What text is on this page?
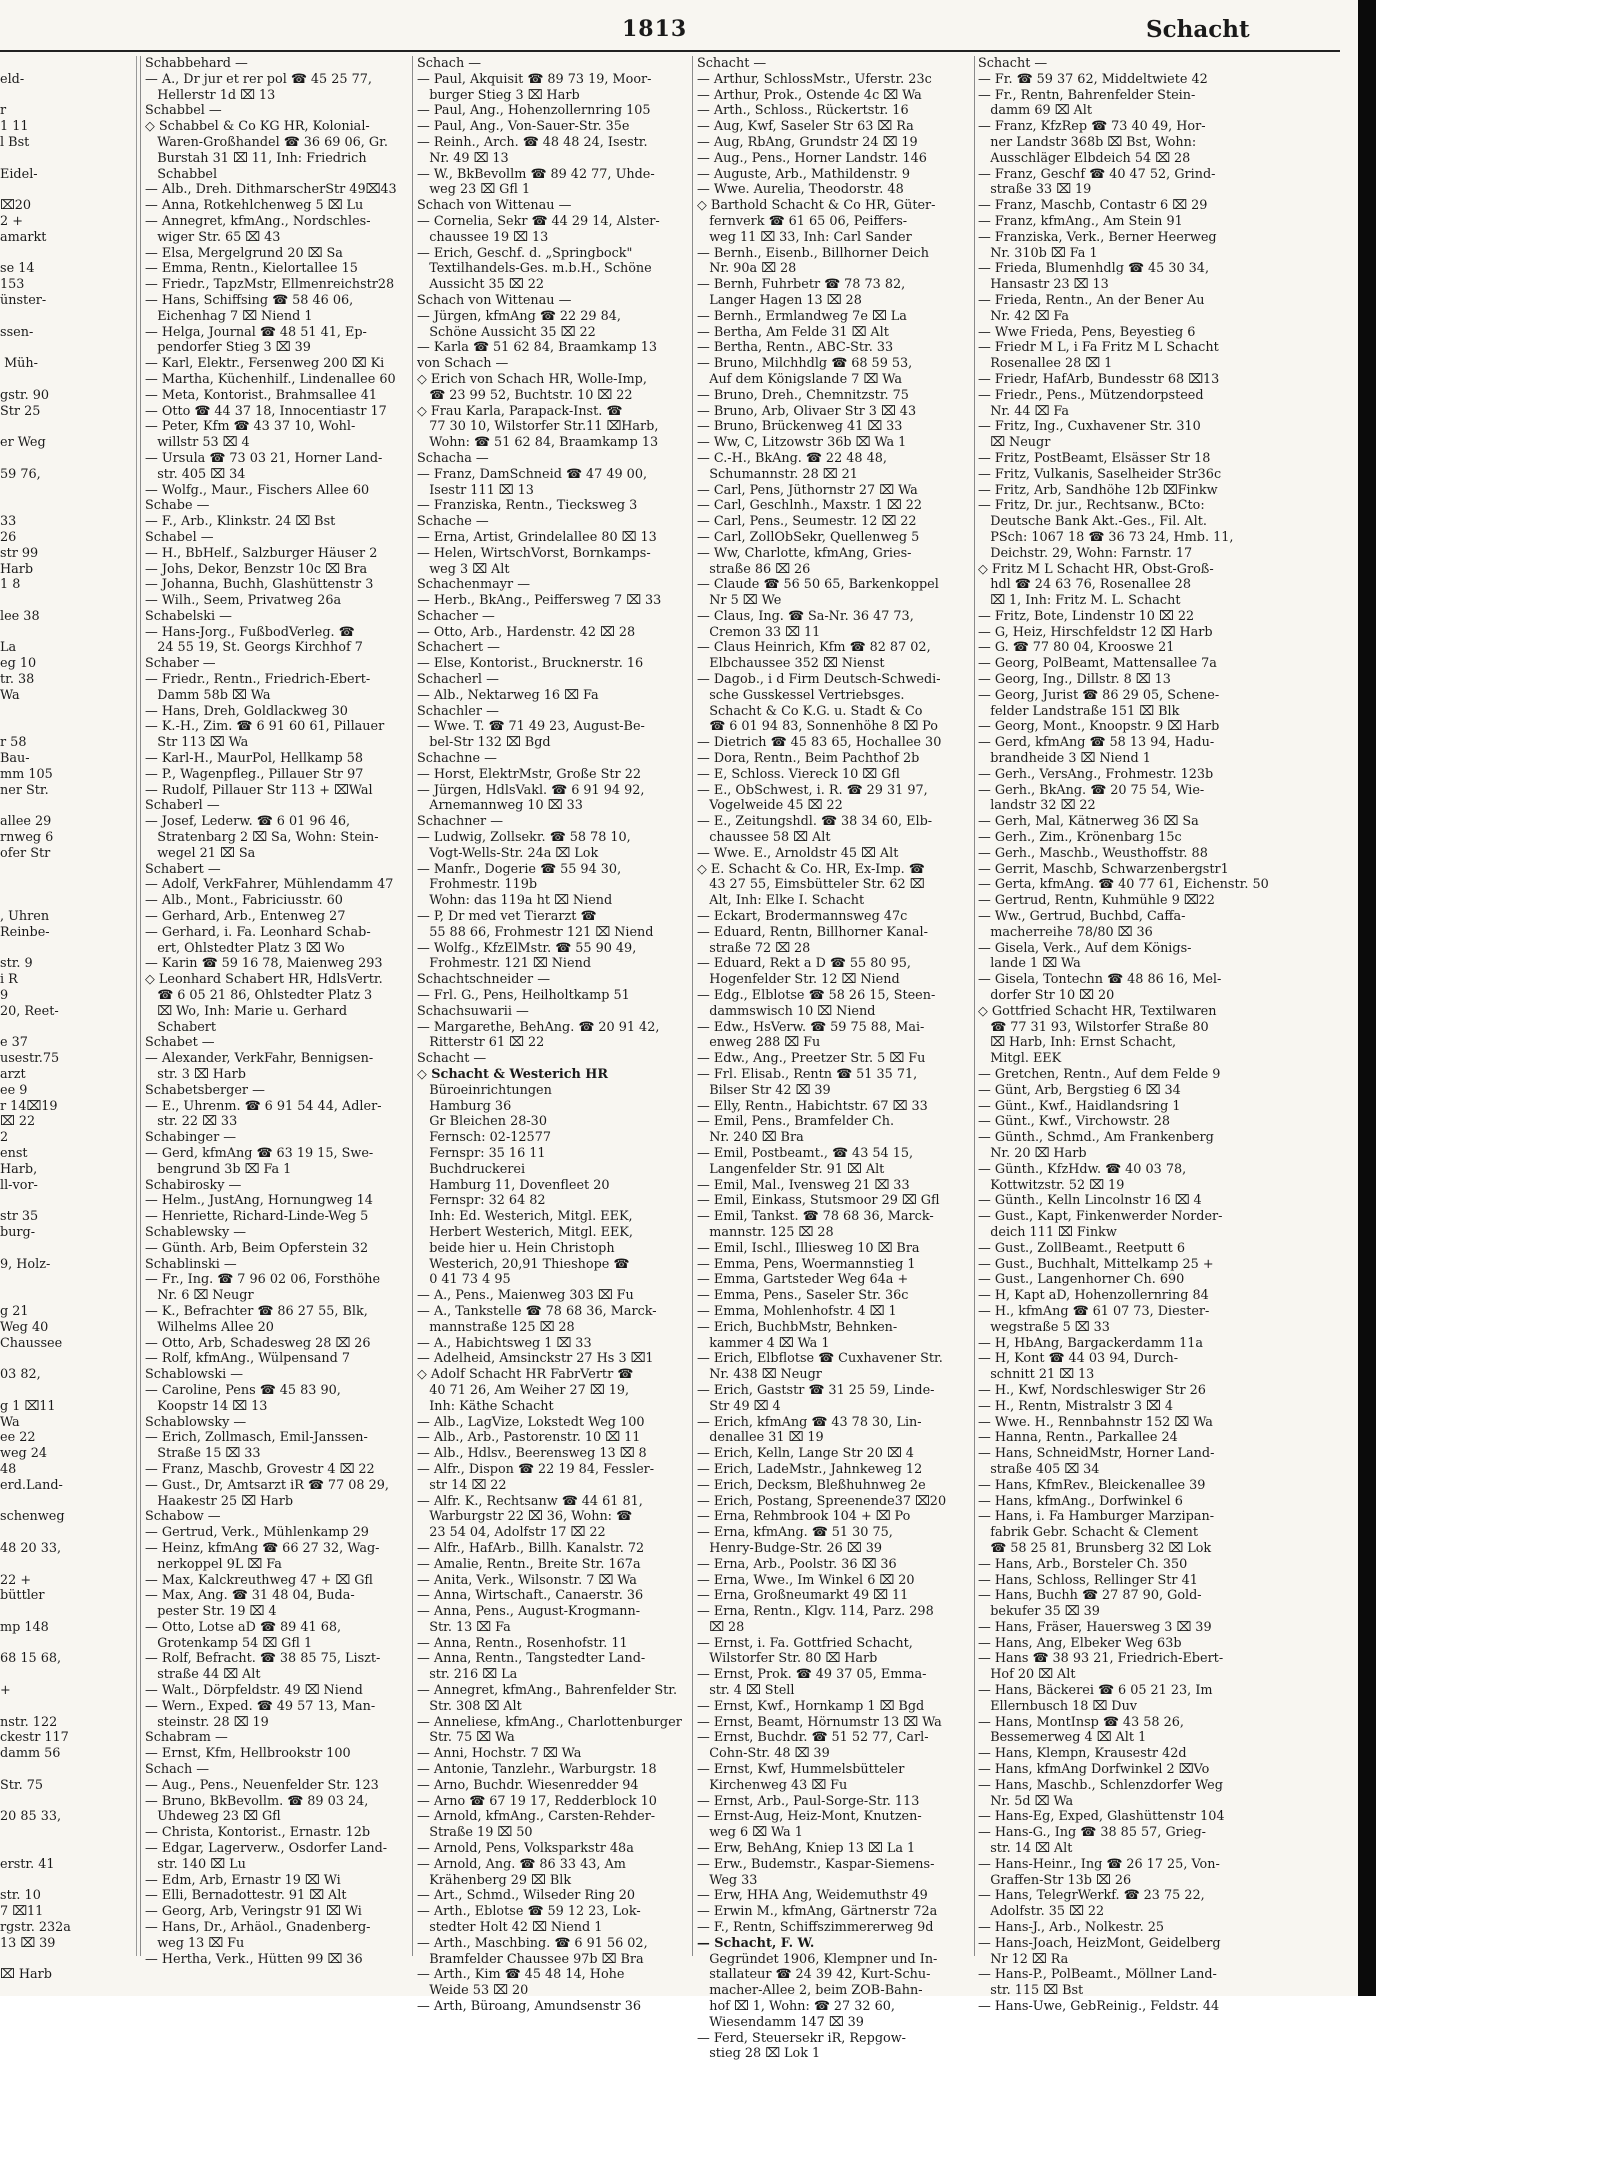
1813	Schacht
eld-
r
1 11
l Bst
Eidel-
⌧20
2 +
amarkt
se 14
153
ünster-
ssen-
Müh-
gstr. 90
Str 25
er Weg
59 76,
33
26
str 99
Harb
1 8
lee 38
La
eg 10
tr. 38
Wa
r 58
Bau-
mm 105
ner Str.
allee 29
rnweg 6
ofer Str
, Uhren
Reinbe-
str. 9
i R
9
20, Reet-
e 37
usestr.75
arzt
ee 9
r 14⌧19
⌧ 22
2
enst
Harb,
ll-vor-
str 35
burg-
9, Holz-
g 21
Weg 40
Chaussee
03 82,
g 1 ⌧11
Wa
ee 22
weg 24
48
erd.Land-
schenweg
48 20 33,
22 +
büttler
mp 148
68 15 68,
+
nstr. 122
ckestr 117
damm 56
Str. 75
20 85 33,
erstr. 41
str. 10
7 ⌧11
rgstr. 232a
13 ⌧ 39
⌧ Harb
Schabbehard —
— A., Dr jur et rer pol ☎ 45 25 77,
Hellerstr 1d ⌧ 13
Schabbel —
◇ Schabbel & Co KG HR, Kolonial-
Waren-Großhandel ☎ 36 69 06, Gr.
Burstah 31 ⌧ 11, Inh: Friedrich
Schabbel
— Alb., Dreh. DithmarscherStr 49⌧43
— Anna, Rotkehlchenweg 5 ⌧ Lu
— Annegret, kfmAng., Nordschles-
wiger Str. 65 ⌧ 43
— Elsa, Mergelgrund 20 ⌧ Sa
— Emma, Rentn., Kielortallee 15
— Friedr., TapzMstr, Ellmenreichstr28
— Hans, Schiffsing ☎ 58 46 06,
Eichenhag 7 ⌧ Niend 1
— Helga, Journal ☎ 48 51 41, Ep-
pendorfer Stieg 3 ⌧ 39
— Karl, Elektr., Fersenweg 200 ⌧ Ki
— Martha, Küchenhilf., Lindenallee 60
— Meta, Kontorist., Brahmsallee 41
— Otto ☎ 44 37 18, Innocentiastr 17
— Peter, Kfm ☎ 43 37 10, Wohl-
willstr 53 ⌧ 4
— Ursula ☎ 73 03 21, Horner Land-
str. 405 ⌧ 34
— Wolfg., Maur., Fischers Allee 60
Schabe —
— F., Arb., Klinkstr. 24 ⌧ Bst
Schabel —
— H., BbHelf., Salzburger Häuser 2
— Johs, Dekor, Benzstr 10c ⌧ Bra
— Johanna, Buchh, Glashüttenstr 3
— Wilh., Seem, Privatweg 26a
Schabelski —
— Hans-Jorg., FußbodVerleg. ☎
24 55 19, St. Georgs Kirchhof 7
Schaber —
— Friedr., Rentn., Friedrich-Ebert-
Damm 58b ⌧ Wa
— Hans, Dreh, Goldlackweg 30
— K.-H., Zim. ☎ 6 91 60 61, Pillauer
Str 113 ⌧ Wa
— Karl-H., MaurPol, Hellkamp 58
— P., Wagenpfleg., Pillauer Str 97
— Rudolf, Pillauer Str 113 + ⌧Wal
Schaberl —
— Josef, Lederw. ☎ 6 01 96 46,
Stratenbarg 2 ⌧ Sa, Wohn: Stein-
wegel 21 ⌧ Sa
Schabert —
— Adolf, VerkFahrer, Mühlendamm 47
— Alb., Mont., Fabriciusstr. 60
— Gerhard, Arb., Entenweg 27
— Gerhard, i. Fa. Leonhard Schab-
ert, Ohlstedter Platz 3 ⌧ Wo
— Karin ☎ 59 16 78, Maienweg 293
◇ Leonhard Schabert HR, HdlsVertr.
☎ 6 05 21 86, Ohlstedter Platz 3
⌧ Wo, Inh: Marie u. Gerhard
Schabert
Schabet —
— Alexander, VerkFahr, Bennigsen-
str. 3 ⌧ Harb
Schabetsberger —
— E., Uhrenm. ☎ 6 91 54 44, Adler-
str. 22 ⌧ 33
Schabinger —
— Gerd, kfmAng ☎ 63 19 15, Swe-
bengrund 3b ⌧ Fa 1
Schabirosky —
— Helm., JustAng, Hornungweg 14
— Henriette, Richard-Linde-Weg 5
Schablewsky —
— Günth. Arb, Beim Opferstein 32
Schablinski —
— Fr., Ing. ☎ 7 96 02 06, Forsthöhe
Nr. 6 ⌧ Neugr
— K., Befrachter ☎ 86 27 55, Blk,
Wilhelms Allee 20
— Otto, Arb, Schadesweg 28 ⌧ 26
— Rolf, kfmAng., Wülpensand 7
Schablowski —
— Caroline, Pens ☎ 45 83 90,
Koopstr 14 ⌧ 13
Schablowsky —
— Erich, Zollmasch, Emil-Janssen-
Straße 15 ⌧ 33
— Franz, Maschb, Grovestr 4 ⌧ 22
— Gust., Dr, Amtsarzt iR ☎ 77 08 29,
Haakestr 25 ⌧ Harb
Schabow —
— Gertrud, Verk., Mühlenkamp 29
— Heinz, kfmAng ☎ 66 27 32, Wag-
nerkoppel 9L ⌧ Fa
— Max, Kalckreuthweg 47 + ⌧ Gfl
— Max, Ang. ☎ 31 48 04, Buda-
pester Str. 19 ⌧ 4
— Otto, Lotse aD ☎ 89 41 68,
Grotenkamp 54 ⌧ Gfl 1
— Rolf, Befracht. ☎ 38 85 75, Liszt-
straße 44 ⌧ Alt
— Walt., Dörpfeldstr. 49 ⌧ Niend
— Wern., Exped. ☎ 49 57 13, Man-
steinstr. 28 ⌧ 19
Schabram —
— Ernst, Kfm, Hellbrookstr 100
Schach —
— Aug., Pens., Neuenfelder Str. 123
— Bruno, BkBevollm. ☎ 89 03 24,
Uhdeweg 23 ⌧ Gfl
— Christa, Kontorist., Ernastr. 12b
— Edgar, Lagerverw., Osdorfer Land-
str. 140 ⌧ Lu
— Edm, Arb, Ernastr 19 ⌧ Wi
— Elli, Bernadottestr. 91 ⌧ Alt
— Georg, Arb, Veringstr 91 ⌧ Wi
— Hans, Dr., Arhäol., Gnadenberg-
weg 13 ⌧ Fu
— Hertha, Verk., Hütten 99 ⌧ 36
Schach —
— Paul, Akquisit ☎ 89 73 19, Moor-
burger Stieg 3 ⌧ Harb
— Paul, Ang., Hohenzollernring 105
— Paul, Ang., Von-Sauer-Str. 35e
— Reinh., Arch. ☎ 48 48 24, Isestr.
Nr. 49 ⌧ 13
— W., BkBevollm ☎ 89 42 77, Uhde-
weg 23 ⌧ Gfl 1
Schach von Wittenau —
— Cornelia, Sekr ☎ 44 29 14, Alster-
chaussee 19 ⌧ 13
— Erich, Geschf. d. „Springbock"
Textilhandels-Ges. m.b.H., Schöne
Aussicht 35 ⌧ 22
Schach von Wittenau —
— Jürgen, kfmAng ☎ 22 29 84,
Schöne Aussicht 35 ⌧ 22
— Karla ☎ 51 62 84, Braamkamp 13
von Schach —
◇ Erich von Schach HR, Wolle-Imp,
☎ 23 99 52, Buchtstr. 10 ⌧ 22
◇ Frau Karla, Parapack-Inst. ☎
77 30 10, Wilstorfer Str.11 ⌧Harb,
Wohn: ☎ 51 62 84, Braamkamp 13
Schacha —
— Franz, DamSchneid ☎ 47 49 00,
Isestr 111 ⌧ 13
— Franziska, Rentn., Tiecksweg 3
Schache —
— Erna, Artist, Grindelallee 80 ⌧ 13
— Helen, WirtschVorst, Bornkamps-
weg 3 ⌧ Alt
Schachenmayr —
— Herb., BkAng., Peiffersweg 7 ⌧ 33
Schacher —
— Otto, Arb., Hardenstr. 42 ⌧ 28
Schachert —
— Else, Kontorist., Brucknerstr. 16
Schacherl —
— Alb., Nektarweg 16 ⌧ Fa
Schachler —
— Wwe. T. ☎ 71 49 23, August-Be-
bel-Str 132 ⌧ Bgd
Schachne —
— Horst, ElektrMstr, Große Str 22
— Jürgen, HdlsVakl. ☎ 6 91 94 92,
Arnemannweg 10 ⌧ 33
Schachner —
— Ludwig, Zollsekr. ☎ 58 78 10,
Vogt-Wells-Str. 24a ⌧ Lok
— Manfr., Dogerie ☎ 55 94 30,
Frohmestr. 119b
Wohn: das 119a ht ⌧ Niend
— P, Dr med vet Tierarzt ☎
55 88 66, Frohmestr 121 ⌧ Niend
— Wolfg., KfzElMstr. ☎ 55 90 49,
Frohmestr. 121 ⌧ Niend
Schachtschneider —
— Frl. G., Pens, Heilholtkamp 51
Schachsuwarii —
— Margarethe, BehAng. ☎ 20 91 42,
Ritterstr 61 ⌧ 22
Schacht —
◇ Schacht & Westerich HR
Büroeinrichtungen
Hamburg 36
Gr Bleichen 28-30
Fernsch: 02-12577
Fernspr: 35 16 11
Buchdruckerei
Hamburg 11, Dovenfleet 20
Fernspr: 32 64 82
Inh: Ed. Westerich, Mitgl. EEK,
Herbert Westerich, Mitgl. EEK,
beide hier u. Hein Christoph
Westerich, 20,91 Thieshope ☎
0 41 73 4 95
— A., Pens., Maienweg 303 ⌧ Fu
— A., Tankstelle ☎ 78 68 36, Marck-
mannstraße 125 ⌧ 28
— A., Habichtsweg 1 ⌧ 33
— Adelheid, Amsinckstr 27 Hs 3 ⌧1
◇ Adolf Schacht HR FabrVertr ☎
40 71 26, Am Weiher 27 ⌧ 19,
Inh: Käthe Schacht
— Alb., LagVize, Lokstedt Weg 100
— Alb., Arb., Pastorenstr. 10 ⌧ 11
— Alb., Hdlsv., Beerensweg 13 ⌧ 8
— Alfr., Dispon ☎ 22 19 84, Fessler-
str 14 ⌧ 22
— Alfr. K., Rechtsanw ☎ 44 61 81,
Warburgstr 22 ⌧ 36, Wohn: ☎
23 54 04, Adolfstr 17 ⌧ 22
— Alfr., HafArb., Billh. Kanalstr. 72
— Amalie, Rentn., Breite Str. 167a
— Anita, Verk., Wilsonstr. 7 ⌧ Wa
— Anna, Wirtschaft., Canaerstr. 36
— Anna, Pens., August-Krogmann-
Str. 13 ⌧ Fa
— Anna, Rentn., Rosenhofstr. 11
— Anna, Rentn., Tangstedter Land-
str. 216 ⌧ La
— Annegret, kfmAng., Bahrenfelder Str.
Str. 308 ⌧ Alt
— Anneliese, kfmAng., Charlottenburger
Str. 75 ⌧ Wa
— Anni, Hochstr. 7 ⌧ Wa
— Antonie, Tanzlehr., Warburgstr. 18
— Arno, Buchdr. Wiesenredder 94
— Arno ☎ 67 19 17, Redderblock 10
— Arnold, kfmAng., Carsten-Rehder-
Straße 19 ⌧ 50
— Arnold, Pens, Volksparkstr 48a
— Arnold, Ang. ☎ 86 33 43, Am
Krähenberg 29 ⌧ Blk
— Art., Schmd., Wilseder Ring 20
— Arth., Eblotse ☎ 59 12 23, Lok-
stedter Holt 42 ⌧ Niend 1
— Arth., Maschbing. ☎ 6 91 56 02,
Bramfelder Chaussee 97b ⌧ Bra
— Arth., Kim ☎ 45 48 14, Hohe
Weide 53 ⌧ 20
— Arth, Büroang, Amundsenstr 36
Schacht —
— Arthur, SchlossMstr., Uferstr. 23c
— Arthur, Prok., Ostende 4c ⌧ Wa
— Arth., Schloss., Rückertstr. 16
— Aug, Kwf, Saseler Str 63 ⌧ Ra
— Aug, RbAng, Grundstr 24 ⌧ 19
— Aug., Pens., Horner Landstr. 146
— Auguste, Arb., Mathildenstr. 9
— Wwe. Aurelia, Theodorstr. 48
◇ Barthold Schacht & Co HR, Güter-
fernverk ☎ 61 65 06, Peiffers-
weg 11 ⌧ 33, Inh: Carl Sander
— Bernh., Eisenb., Billhorner Deich
Nr. 90a ⌧ 28
— Bernh, Fuhrbetr ☎ 78 73 82,
Langer Hagen 13 ⌧ 28
— Bernh., Ermlandweg 7e ⌧ La
— Bertha, Am Felde 31 ⌧ Alt
— Bertha, Rentn., ABC-Str. 33
— Bruno, Milchhdlg ☎ 68 59 53,
Auf dem Königslande 7 ⌧ Wa
— Bruno, Dreh., Chemnitzstr. 75
— Bruno, Arb, Olivaer Str 3 ⌧ 43
— Bruno, Brückenweg 41 ⌧ 33
— Ww, C, Litzowstr 36b ⌧ Wa 1
— C.-H., BkAng. ☎ 22 48 48,
Schumannstr. 28 ⌧ 21
— Carl, Pens, Jüthornstr 27 ⌧ Wa
— Carl, Geschlnh., Maxstr. 1 ⌧ 22
— Carl, Pens., Seumestr. 12 ⌧ 22
— Carl, ZollObSekr, Quellenweg 5
— Ww, Charlotte, kfmAng, Gries-
straße 86 ⌧ 26
— Claude ☎ 56 50 65, Barkenkoppel
Nr 5 ⌧ We
— Claus, Ing. ☎ Sa-Nr. 36 47 73,
Cremon 33 ⌧ 11
— Claus Heinrich, Kfm ☎ 82 87 02,
Elbchaussee 352 ⌧ Nienst
— Dagob., i d Firm Deutsch-Schwedi-
sche Gusskessel Vertriebsges.
Schacht & Co K.G. u. Stadt & Co
☎ 6 01 94 83, Sonnenhöhe 8 ⌧ Po
— Dietrich ☎ 45 83 65, Hochallee 30
— Dora, Rentn., Beim Pachthof 2b
— E, Schloss. Viereck 10 ⌧ Gfl
— E., ObSchwest, i. R. ☎ 29 31 97,
Vogelweide 45 ⌧ 22
— E., Zeitungshdl. ☎ 38 34 60, Elb-
chaussee 58 ⌧ Alt
— Wwe. E., Arnoldstr 45 ⌧ Alt
◇ E. Schacht & Co. HR, Ex-Imp. ☎
43 27 55, Eimsbütteler Str. 62 ⌧
Alt, Inh: Elke I. Schacht
— Eckart, Brodermannsweg 47c
— Eduard, Rentn, Billhorner Kanal-
straße 72 ⌧ 28
— Eduard, Rekt a D ☎ 55 80 95,
Hogenfelder Str. 12 ⌧ Niend
— Edg., Elblotse ☎ 58 26 15, Steen-
dammswisch 10 ⌧ Niend
— Edw., HsVerw. ☎ 59 75 88, Mai-
enweg 288 ⌧ Fu
— Edw., Ang., Preetzer Str. 5 ⌧ Fu
— Frl. Elisab., Rentn ☎ 51 35 71,
Bilser Str 42 ⌧ 39
— Elly, Rentn., Habichtstr. 67 ⌧ 33
— Emil, Pens., Bramfelder Ch.
Nr. 240 ⌧ Bra
— Emil, Postbeamt., ☎ 43 54 15,
Langenfelder Str. 91 ⌧ Alt
— Emil, Mal., Ivensweg 21 ⌧ 33
— Emil, Einkass, Stutsmoor 29 ⌧ Gfl
— Emil, Tankst. ☎ 78 68 36, Marck-
mannstr. 125 ⌧ 28
— Emil, Ischl., Illiesweg 10 ⌧ Bra
— Emma, Pens, Woermannstieg 1
— Emma, Gartsteder Weg 64a +
— Emma, Pens., Saseler Str. 36c
— Emma, Mohlenhofstr. 4 ⌧ 1
— Erich, BuchbMstr, Behnken-
kammer 4 ⌧ Wa 1
— Erich, Elbflotse ☎ Cuxhavener Str.
Nr. 438 ⌧ Neugr
— Erich, Gaststr ☎ 31 25 59, Linde-
Str 49 ⌧ 4
— Erich, kfmAng ☎ 43 78 30, Lin-
denallee 31 ⌧ 19
— Erich, Kelln, Lange Str 20 ⌧ 4
— Erich, LadeMstr., Jahnkeweg 12
— Erich, Decksm, Bleßhuhnweg 2e
— Erich, Postang, Spreenende37 ⌧20
— Erna, Rehmbrook 104 + ⌧ Po
— Erna, kfmAng. ☎ 51 30 75,
Henry-Budge-Str. 26 ⌧ 39
— Erna, Arb., Poolstr. 36 ⌧ 36
— Erna, Wwe., Im Winkel 6 ⌧ 20
— Erna, Großneumarkt 49 ⌧ 11
— Erna, Rentn., Klgv. 114, Parz. 298
⌧ 28
— Ernst, i. Fa. Gottfried Schacht,
Wilstorfer Str. 80 ⌧ Harb
— Ernst, Prok. ☎ 49 37 05, Emma-
str. 4 ⌧ Stell
— Ernst, Kwf., Hornkamp 1 ⌧ Bgd
— Ernst, Beamt, Hörnumstr 13 ⌧ Wa
— Ernst, Buchdr. ☎ 51 52 77, Carl-
Cohn-Str. 48 ⌧ 39
— Ernst, Kwf, Hummelsbütteler
Kirchenweg 43 ⌧ Fu
— Ernst, Arb., Paul-Sorge-Str. 113
— Ernst-Aug, Heiz-Mont, Knutzen-
weg 6 ⌧ Wa 1
— Erw, BehAng, Kniep 13 ⌧ La 1
— Erw., Budemstr., Kaspar-Siemens-
Weg 33
— Erw, HHA Ang, Weidemuthstr 49
— Erwin M., kfmAng, Gärtnerstr 72a
— F., Rentn, Schiffszimmererweg 9d
— Schacht, F. W.
Gegründet 1906, Klempner und In-
stallateur ☎ 24 39 42, Kurt-Schu-
macher-Allee 2, beim ZOB-Bahn-
hof ⌧ 1, Wohn: ☎ 27 32 60,
Wiesendamm 147 ⌧ 39
— Ferd, Steuersekr iR, Repgow-
stieg 28 ⌧ Lok 1
Schacht —
— Fr. ☎ 59 37 62, Middeltwiete 42
— Fr., Rentn, Bahrenfelder Stein-
damm 69 ⌧ Alt
— Franz, KfzRep ☎ 73 40 49, Hor-
ner Landstr 368b ⌧ Bst, Wohn:
Ausschläger Elbdeich 54 ⌧ 28
— Franz, Geschf ☎ 40 47 52, Grind-
straße 33 ⌧ 19
— Franz, Maschb, Contastr 6 ⌧ 29
— Franz, kfmAng., Am Stein 91
— Franziska, Verk., Berner Heerweg
Nr. 310b ⌧ Fa 1
— Frieda, Blumenhdlg ☎ 45 30 34,
Hansastr 23 ⌧ 13
— Frieda, Rentn., An der Bener Au
Nr. 42 ⌧ Fa
— Wwe Frieda, Pens, Beyestieg 6
— Friedr M L, i Fa Fritz M L Schacht
Rosenallee 28 ⌧ 1
— Friedr, HafArb, Bundesstr 68 ⌧13
— Friedr., Pens., Mützendorpsteed
Nr. 44 ⌧ Fa
— Fritz, Ing., Cuxhavener Str. 310
⌧ Neugr
— Fritz, PostBeamt, Elsässer Str 18
— Fritz, Vulkanis, Saselheider Str36c
— Fritz, Arb, Sandhöhe 12b ⌧Finkw
— Fritz, Dr. jur., Rechtsanw., BCto:
Deutsche Bank Akt.-Ges., Fil. Alt.
PSch: 1067 18 ☎ 36 73 24, Hmb. 11,
Deichstr. 29, Wohn: Farnstr. 17
◇ Fritz M L Schacht HR, Obst-Groß-
hdl ☎ 24 63 76, Rosenallee 28
⌧ 1, Inh: Fritz M. L. Schacht
— Fritz, Bote, Lindenstr 10 ⌧ 22
— G, Heiz, Hirschfeldstr 12 ⌧ Harb
— G. ☎ 77 80 04, Krooswe 21
— Georg, PolBeamt, Mattensallee 7a
— Georg, Ing., Dillstr. 8 ⌧ 13
— Georg, Jurist ☎ 86 29 05, Schene-
felder Landstraße 151 ⌧ Blk
— Georg, Mont., Knoopstr. 9 ⌧ Harb
— Gerd, kfmAng ☎ 58 13 94, Hadu-
brandheide 3 ⌧ Niend 1
— Gerh., VersAng., Frohmestr. 123b
— Gerh., BkAng. ☎ 20 75 54, Wie-
landstr 32 ⌧ 22
— Gerh, Mal, Kätnerweg 36 ⌧ Sa
— Gerh., Zim., Krönenbarg 15c
— Gerh., Maschb., Weusthoffstr. 88
— Gerrit, Maschb, Schwarzenbergstr1
— Gerta, kfmAng. ☎ 40 77 61, Eichenstr. 50
— Gertrud, Rentn, Kuhmühle 9 ⌧22
— Ww., Gertrud, Buchbd, Caffa-
macherreihe 78/80 ⌧ 36
— Gisela, Verk., Auf dem Königs-
lande 1 ⌧ Wa
— Gisela, Tontechn ☎ 48 86 16, Mel-
dorfer Str 10 ⌧ 20
◇ Gottfried Schacht HR, Textilwaren
☎ 77 31 93, Wilstorfer Straße 80
⌧ Harb, Inh: Ernst Schacht,
Mitgl. EEK
— Gretchen, Rentn., Auf dem Felde 9
— Günt, Arb, Bergstieg 6 ⌧ 34
— Günt., Kwf., Haidlandsring 1
— Günt., Kwf., Virchowstr. 28
— Günth., Schmd., Am Frankenberg
Nr. 20 ⌧ Harb
— Günth., KfzHdw. ☎ 40 03 78,
Kottwitzstr. 52 ⌧ 19
— Günth., Kelln Lincolnstr 16 ⌧ 4
— Gust., Kapt, Finkenwerder Norder-
deich 111 ⌧ Finkw
— Gust., ZollBeamt., Reetputt 6
— Gust., Buchhalt, Mittelkamp 25 +
— Gust., Langenhorner Ch. 690
— H, Kapt aD, Hohenzollernring 84
— H., kfmAng ☎ 61 07 73, Diester-
wegstraße 5 ⌧ 33
— H, HbAng, Bargackerdamm 11a
— H, Kont ☎ 44 03 94, Durch-
schnitt 21 ⌧ 13
— H., Kwf, Nordschleswiger Str 26
— H., Rentn, Mistralstr 3 ⌧ 4
— Wwe. H., Rennbahnstr 152 ⌧ Wa
— Hanna, Rentn., Parkallee 24
— Hans, SchneidMstr, Horner Land-
straße 405 ⌧ 34
— Hans, KfmRev., Bleickenallee 39
— Hans, kfmAng., Dorfwinkel 6
— Hans, i. Fa Hamburger Marzipan-
fabrik Gebr. Schacht & Clement
☎ 58 25 81, Brunsberg 32 ⌧ Lok
— Hans, Arb., Borsteler Ch. 350
— Hans, Schloss, Rellinger Str 41
— Hans, Buchh ☎ 27 87 90, Gold-
bekufer 35 ⌧ 39
— Hans, Fräser, Hauersweg 3 ⌧ 39
— Hans, Ang, Elbeker Weg 63b
— Hans ☎ 38 93 21, Friedrich-Ebert-
Hof 20 ⌧ Alt
— Hans, Bäckerei ☎ 6 05 21 23, Im
Ellernbusch 18 ⌧ Duv
— Hans, MontInsp ☎ 43 58 26,
Bessemerweg 4 ⌧ Alt 1
— Hans, Klempn, Krausestr 42d
— Hans, kfmAng Dorfwinkel 2 ⌧Vo
— Hans, Maschb., Schlenzdorfer Weg
Nr. 5d ⌧ Wa
— Hans-Eg, Exped, Glashüttenstr 104
— Hans-G., Ing ☎ 38 85 57, Grieg-
str. 14 ⌧ Alt
— Hans-Heinr., Ing ☎ 26 17 25, Von-
Graffen-Str 13b ⌧ 26
— Hans, TelegrWerkf. ☎ 23 75 22,
Adolfstr. 35 ⌧ 22
— Hans-J., Arb., Nolkestr. 25
— Hans-Joach, HeizMont, Geidelberg
Nr 12 ⌧ Ra
— Hans-P., PolBeamt., Möllner Land-
str. 115 ⌧ Bst
— Hans-Uwe, GebReinig., Feldstr. 44
